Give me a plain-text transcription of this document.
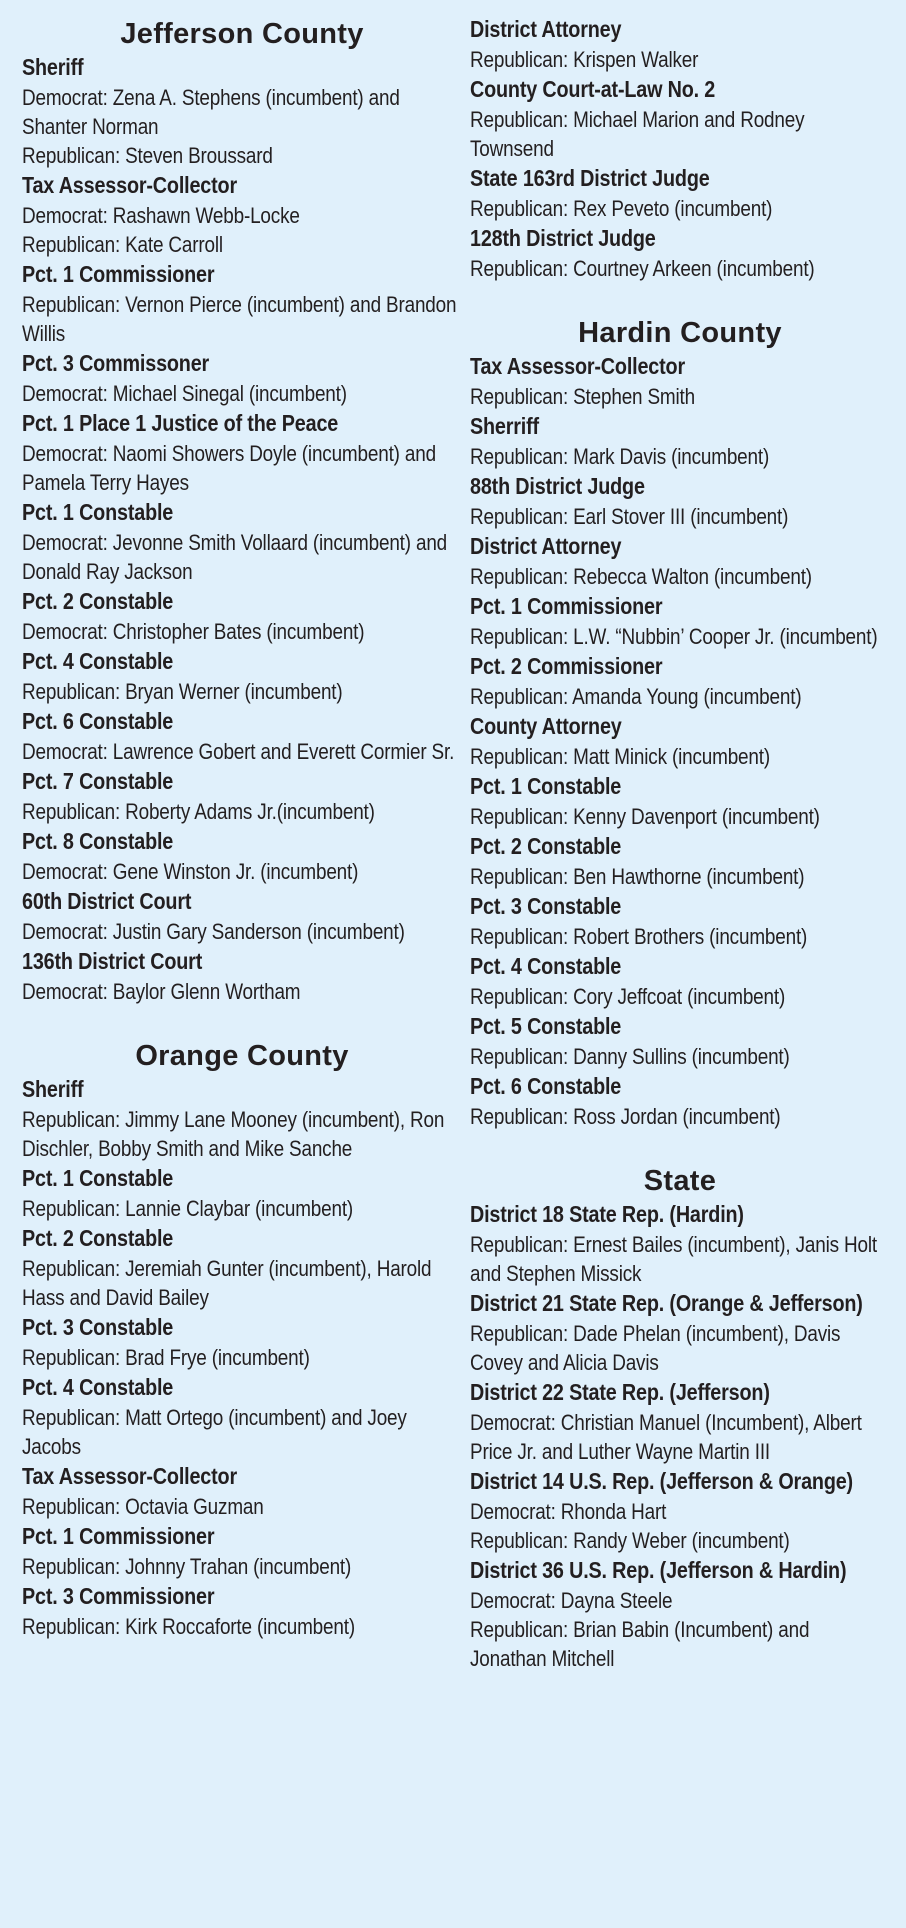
Jefferson County
Sheriff
Democrat: Zena A. Stephens (incumbent) and Shanter Norman
Republican: Steven Broussard
Tax Assessor-Collector
Democrat: Rashawn Webb-Locke
Republican: Kate Carroll
Pct. 1 Commissioner
Republican: Vernon Pierce (incumbent) and Brandon Willis
Pct. 3 Commissoner
Democrat: Michael Sinegal (incumbent)
Pct. 1 Place 1 Justice of the Peace
Democrat: Naomi Showers Doyle (incumbent) and Pamela Terry Hayes
Pct. 1 Constable
Democrat: Jevonne Smith Vollaard (incumbent) and Donald Ray Jackson
Pct. 2 Constable
Democrat: Christopher Bates (incumbent)
Pct. 4 Constable
Republican: Bryan Werner (incumbent)
Pct. 6 Constable
Democrat: Lawrence Gobert and Everett Cormier Sr.
Pct. 7 Constable
Republican: Roberty Adams Jr.(incumbent)
Pct. 8 Constable
Democrat: Gene Winston Jr. (incumbent)
60th District Court
Democrat: Justin Gary Sanderson (incumbent)
136th District Court
Democrat: Baylor Glenn Wortham
Orange County
Sheriff
Republican: Jimmy Lane Mooney (incumbent), Ron Dischler, Bobby Smith and Mike Sanche
Pct. 1 Constable
Republican: Lannie Claybar (incumbent)
Pct. 2 Constable
Republican: Jeremiah Gunter (incumbent), Harold Hass and David Bailey
Pct. 3 Constable
Republican: Brad Frye (incumbent)
Pct. 4 Constable
Republican: Matt Ortego (incumbent) and Joey Jacobs
Tax Assessor-Collector
Republican: Octavia Guzman
Pct. 1 Commissioner
Republican: Johnny Trahan (incumbent)
Pct. 3 Commissioner
Republican: Kirk Roccaforte (incumbent)
District Attorney
Republican: Krispen Walker
County Court-at-Law No. 2
Republican: Michael Marion and Rodney Townsend
State 163rd District Judge
Republican: Rex Peveto (incumbent)
128th District Judge
Republican: Courtney Arkeen (incumbent)
Hardin County
Tax Assessor-Collector
Republican: Stephen Smith
Sherriff
Republican: Mark Davis (incumbent)
88th District Judge
Republican: Earl Stover III (incumbent)
District Attorney
Republican: Rebecca Walton (incumbent)
Pct. 1 Commissioner
Republican: L.W. “Nubbin’ Cooper Jr. (incumbent)
Pct. 2 Commissioner
Republican: Amanda Young (incumbent)
County Attorney
Republican: Matt Minick (incumbent)
Pct. 1 Constable
Republican: Kenny Davenport (incumbent)
Pct. 2 Constable
Republican: Ben Hawthorne (incumbent)
Pct. 3 Constable
Republican: Robert Brothers (incumbent)
Pct. 4 Constable
Republican: Cory Jeffcoat (incumbent)
Pct. 5 Constable
Republican: Danny Sullins (incumbent)
Pct. 6 Constable
Republican: Ross Jordan (incumbent)
State
District 18 State Rep. (Hardin)
Republican: Ernest Bailes (incumbent), Janis Holt and Stephen Missick
District 21 State Rep. (Orange & Jefferson)
Republican: Dade Phelan (incumbent), Davis Covey and Alicia Davis
District 22 State Rep. (Jefferson)
Democrat: Christian Manuel (Incumbent), Albert Price Jr. and Luther Wayne Martin III
District 14 U.S. Rep. (Jefferson & Orange)
Democrat: Rhonda Hart
Republican: Randy Weber (incumbent)
District 36 U.S. Rep. (Jefferson & Hardin)
Democrat: Dayna Steele
Republican: Brian Babin (Incumbent) and Jonathan Mitchell
